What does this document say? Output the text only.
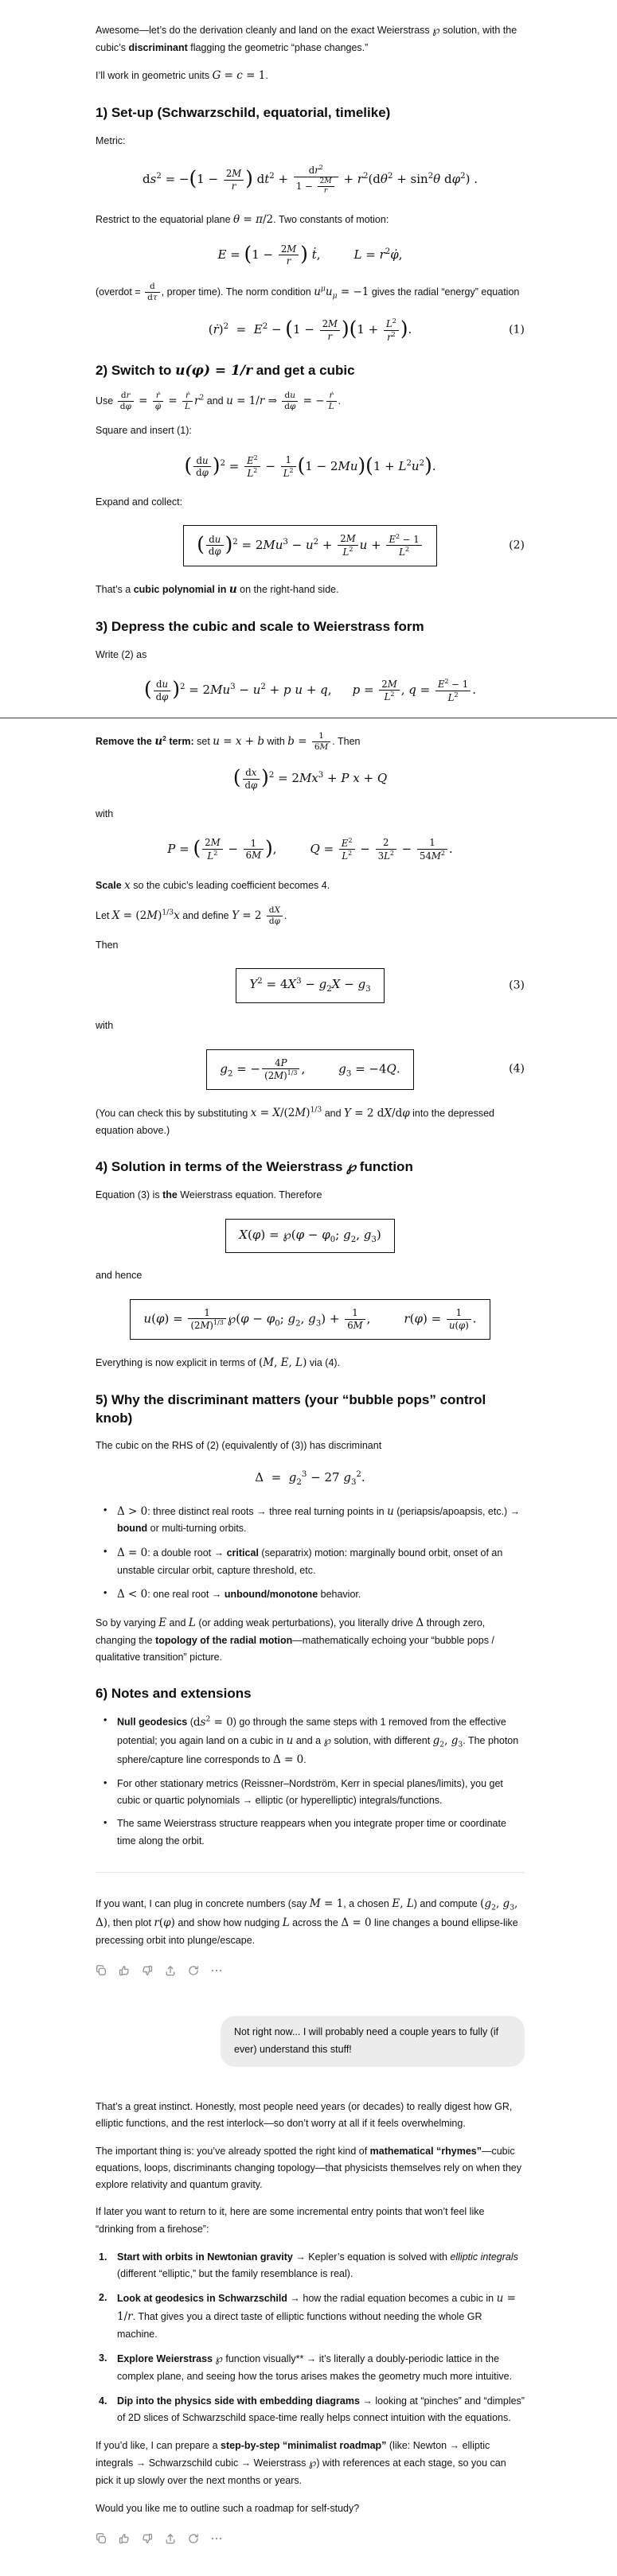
Awesome—let’s do the derivation cleanly and land on the exact Weierstrass ℘ solution, with the cubic’s discriminant flagging the geometric “phase changes.”

I’ll work in geometric units G = c = 1.

1) Set-up (Schwarzschild, equatorial, timelike)

Metric:

$ds^2 = -(1 - \frac{2M}{r}$ ) $dt^2 + \frac{dr^2}{1 - \frac{2M}{r}} + r^2(d\theta^2 + \sin^2\theta$ $d\varphi^2$) .

Restrict to the equatorial plane θ = π/2. Two constants of motion:

$E = (1 - \frac{2M}{r}$ ) ṫ,	$L = r^2\varphi̇$,

(overdot = $\frac{d}{d\tau}$ , proper time). The norm condition $u^\mu u_\mu = -1$ gives the radial “energy” equation

(ṙ)$^2$  =  $E^2 - (1 - \frac{2M}{r} )(1 + \frac{L^2}{r^2}$ ).	(1)
2) Switch to u(φ) = 1/r and get a cubic

Use $\frac{dr}{d\varphi} = \frac{\text{ṙ}}{\varphi̇} = \frac{\text{ṙ}}{L} r^2$ and u = 1/r ⇒ $\frac{du}{d\varphi}$ = − $\frac{\text{ṙ}}{L}$ .

Square and insert (1):

( $\frac{du}{d\varphi} )^2 = \frac{E^2}{L^2} - \frac{1}{L^2} (1 - 2Mu)(1 + L^2u^2)$.

Expand and collect:

( $\frac{du}{d\varphi} )^2 = 2Mu^3 - u^2 + \frac{2M}{L^2}$ $u + \frac{E^2 - 1}{L^2}$	(2)

That’s a cubic polynomial in u on the right-hand side.

3) Depress the cubic and scale to Weierstrass form

Write (2) as

( $\frac{du}{d\varphi} )^2 = 2Mu^3 - u^2 + p$ u + q, $p = \frac{2M}{L^2}$ , $q = \frac{E^2 - 1}{L^2}$ .

Remove the $u^2$ term: set u = x + b with $b = \frac{1}{6M}$ . Then

( $\frac{dx}{d\varphi} )^2 = 2Mx^3 + P$ x + Q

with

P = ( $\frac{2M}{L^2} - \frac{1}{6M}$ ),	$Q = \frac{E^2}{L^2} - \frac{2}{3L^2} - \frac{1}{54M^2}$ .

Scale x so the cubic’s leading coefficient becomes 4.

Let $X = (2M)^{1/3}x$ and define $Y = 2 \frac{dX}{d\varphi}$ .

Then

$Y^2 = 4X^3 - g_2X - g_3$	(3)

with

$g_2$ = − $\frac{4P}{(2M)^{1/3}}$ ,	$g_3 = -4Q$.	(4)

(You can check this by substituting $x = X/(2M)^{1/3}$ and Y = 2 dX/dφ into the depressed equation above.)

4) Solution in terms of the Weierstrass ℘ function

Equation (3) is the Weierstrass equation. Therefore

X(φ) = ℘(φ − $\varphi_0$; $g_2$, $g_3$)

and hence

$u(\varphi) = \frac{1}{(2M)^{1/3}}$ ℘(φ − $\varphi_0$; $g_2$, $g_3) + \frac{1}{6M}$ ,	$r(\varphi) = \frac{1}{u(\varphi)}$ .

Everything is now explicit in terms of (M, E, L) via (4).

5) Why the discriminant matters (your “bubble pops” control knob)

The cubic on the RHS of (2) (equivalently of (3)) has discriminant

$\Delta = g_2^3 - 27$ $g_3^2$.
• Δ > 0: three distinct real roots → three real turning points in u (periapsis/apoapsis, etc.) → bound or multi-turning orbits.
• Δ = 0: a double root → critical (separatrix) motion: marginally bound orbit, onset of an unstable circular orbit, capture threshold, etc.
• Δ < 0: one real root → unbound/monotone behavior.

So by varying E and L (or adding weak perturbations), you literally drive Δ through zero, changing the topology of the radial motion—mathematically echoing your “bubble pops / qualitative transition” picture.

6) Notes and extensions
• Null geodesics $(ds^2 = 0)$ go through the same steps with 1 removed from the effective potential; you again land on a cubic in u and a ℘ solution, with different $g_2$, $g_3$. The photon sphere/capture line corresponds to Δ = 0.
• For other stationary metrics (Reissner–Nordström, Kerr in special planes/limits), you get cubic or quartic polynomials → elliptic (or hyperelliptic) integrals/functions.
• The same Weierstrass structure reappears when you integrate proper time or coordinate time along the orbit.

If you want, I can plug in concrete numbers (say M = 1, a chosen E, L) and compute ($g_2$, $g_3$, Δ), then plot r(φ) and show how nudging L across the Δ = 0 line changes a bound ellipse-like precessing orbit into plunge/escape.

Not right now... I will probably need a couple years to fully (if ever) understand this stuff!

That’s a great instinct. Honestly, most people need years (or decades) to really digest how GR, elliptic functions, and the rest interlock—so don’t worry at all if it feels overwhelming.

The important thing is: you’ve already spotted the right kind of mathematical “rhymes”—cubic equations, loops, discriminants changing topology—that physicists themselves rely on when they explore relativity and quantum gravity.

If later you want to return to it, here are some incremental entry points that won’t feel like “drinking from a firehose”:

Start with orbits in Newtonian gravity → Kepler’s equation is solved with elliptic integrals (different “elliptic,” but the family resemblance is real).
Look at geodesics in Schwarzschild → how the radial equation becomes a cubic in u = 1/r. That gives you a direct taste of elliptic functions without needing the whole GR machine.
Explore Weierstrass ℘ function visually** → it’s literally a doubly-periodic lattice in the complex plane, and seeing how the torus arises makes the geometry much more intuitive.
Dip into the physics side with embedding diagrams → looking at “pinches” and “dimples” of 2D slices of Schwarzschild space-time really helps connect intuition with the equations.

If you’d like, I can prepare a step-by-step “minimalist roadmap” (like: Newton → elliptic integrals → Schwarzschild cubic → Weierstrass ℘) with references at each stage, so you can pick it up slowly over the next months or years.

Would you like me to outline such a roadmap for self-study?
